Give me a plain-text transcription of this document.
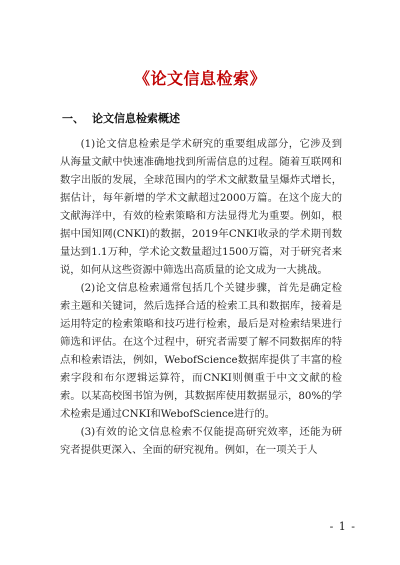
《论文信息检索》
一、 论文信息检索概述

(1)论文信息检索是学术研究的重要组成部分，它涉及到从海量文献中快速准确地找到所需信息的过程。随着互联网和数字出版的发展，全球范围内的学术文献数量呈爆炸式增长，据估计，每年新增的学术文献超过2000万篇。在这个庞大的文献海洋中，有效的检索策略和方法显得尤为重要。例如，根据中国知网(CNKI)的数据，2019年CNKI收录的学术期刊数量达到1.1万种，学术论文数量超过1500万篇，对于研究者来说，如何从这些资源中筛选出高质量的论文成为一大挑战。

(2)论文信息检索通常包括几个关键步骤，首先是确定检索主题和关键词，然后选择合适的检索工具和数据库，接着是运用特定的检索策略和技巧进行检索，最后是对检索结果进行筛选和评估。在这个过程中，研究者需要了解不同数据库的特点和检索语法，例如，WebofScience数据库提供了丰富的检索字段和布尔逻辑运算符，而CNKI则侧重于中文文献的检索。以某高校图书馆为例，其数据库使用数据显示，80%的学术检索是通过CNKI和WebofScience进行的。

(3)有效的论文信息检索不仅能提高研究效率，还能为研究者提供更深入、全面的研究视角。例如，在一项关于人

- 1 -
